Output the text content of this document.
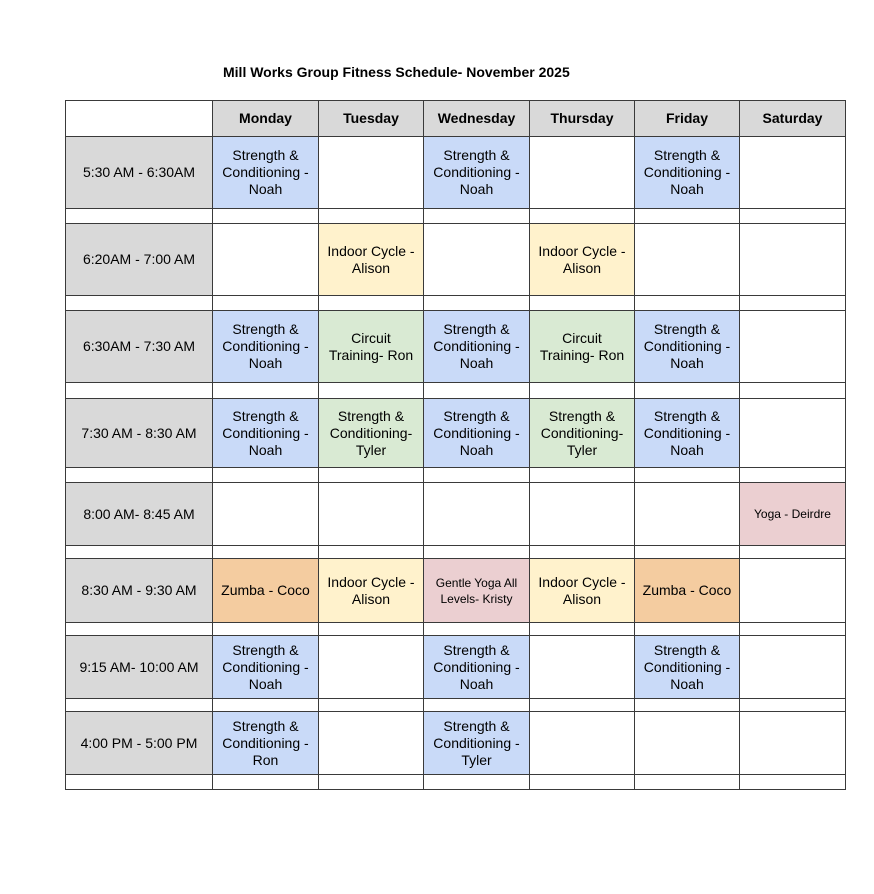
Mill Works Group Fitness Schedule- November 2025
	Monday	Tuesday	Wednesday	Thursday	Friday	Saturday
5:30 AM - 6:30AM	Strength & Conditioning - Noah		Strength & Conditioning - Noah		Strength & Conditioning - Noah	

6:20AM - 7:00 AM		Indoor Cycle - Alison		Indoor Cycle - Alison		

6:30AM - 7:30 AM	Strength & Conditioning - Noah	Circuit Training- Ron	Strength & Conditioning - Noah	Circuit Training- Ron	Strength & Conditioning - Noah	

7:30 AM - 8:30 AM	Strength & Conditioning - Noah	Strength & Conditioning- Tyler	Strength & Conditioning - Noah	Strength & Conditioning- Tyler	Strength & Conditioning - Noah	

8:00 AM- 8:45 AM						Yoga - Deirdre

8:30 AM - 9:30 AM	Zumba - Coco	Indoor Cycle - Alison	Gentle Yoga All Levels- Kristy	Indoor Cycle - Alison	Zumba - Coco	

9:15 AM- 10:00 AM	Strength & Conditioning - Noah		Strength & Conditioning - Noah		Strength & Conditioning - Noah	

4:00 PM - 5:00 PM	Strength & Conditioning - Ron		Strength & Conditioning - Tyler			
